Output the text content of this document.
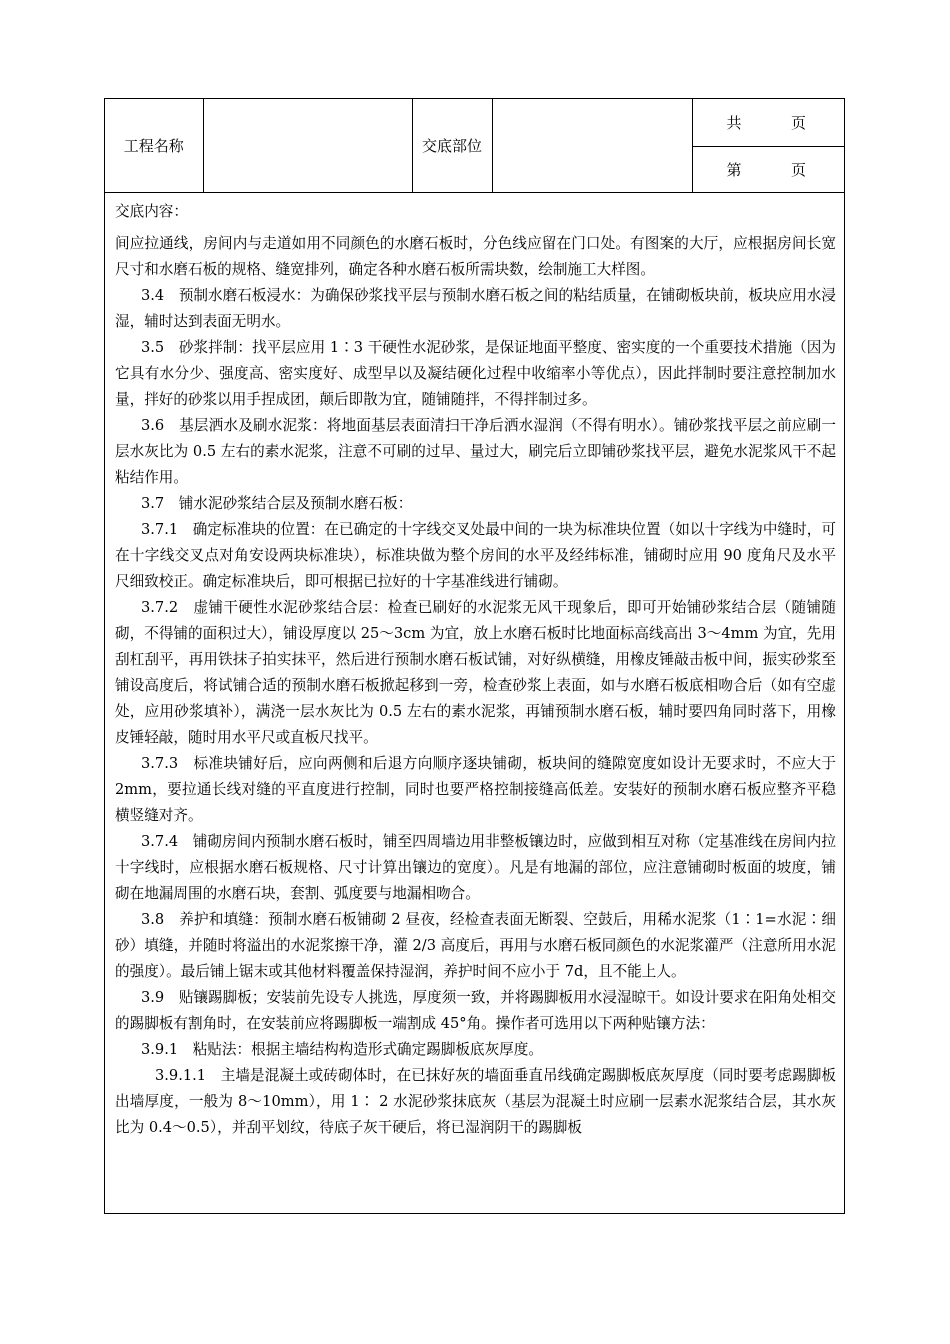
工程名称		交底部位		
共	页

第	页

交底内容：

间应拉通线，房间内与走道如用不同颜色的水磨石板时，分色线应留在门口处。有图案的大厅，应根据房间长宽尺寸和水磨石板的规格、缝宽排列，确定各种水磨石板所需块数，绘制施工大样图。

3.4　预制水磨石板浸水：为确保砂浆找平层与预制水磨石板之间的粘结质量，在铺砌板块前，板块应用水浸湿，辅时达到表面无明水。

3.5　砂浆拌制：找平层应用 1∶3 干硬性水泥砂浆，是保证地面平整度、密实度的一个重要技术措施（因为它具有水分少、强度高、密实度好、成型早以及凝结硬化过程中收缩率小等优点），因此拌制时要注意控制加水量，拌好的砂浆以用手捏成团，颠后即散为宜，随铺随拌，不得拌制过多。

3.6　基层洒水及刷水泥浆：将地面基层表面清扫干净后洒水湿润（不得有明水）。铺砂浆找平层之前应刷一层水灰比为 0.5 左右的素水泥浆，注意不可刷的过早、量过大，刷完后立即铺砂浆找平层，避免水泥浆风干不起粘结作用。

3.7　铺水泥砂浆结合层及预制水磨石板：

3.7.1　确定标准块的位置：在已确定的十字线交叉处最中间的一块为标准块位置（如以十字线为中缝时，可在十字线交叉点对角安设两块标准块），标准块做为整个房间的水平及经纬标准，铺砌时应用 90 度角尺及水平尺细致校正。确定标准块后，即可根据已拉好的十字基准线进行铺砌。

3.7.2　虚铺干硬性水泥砂浆结合层：检查已刷好的水泥浆无风干现象后，即可开始铺砂浆结合层（随铺随砌，不得铺的面积过大），铺设厚度以 25～3cm 为宜，放上水磨石板时比地面标高线高出 3～4mm 为宜，先用刮杠刮平，再用铁抹子拍实抹平，然后进行预制水磨石板试铺，对好纵横缝，用橡皮锤敲击板中间，振实砂浆至铺设高度后，将试铺合适的预制水磨石板掀起移到一旁，检查砂浆上表面，如与水磨石板底相吻合后（如有空虚处，应用砂浆填补），满浇一层水灰比为 0.5 左右的素水泥浆，再铺预制水磨石板，辅时要四角同时落下，用橡皮锤轻敲，随时用水平尺或直板尺找平。

3.7.3　标准块铺好后，应向两侧和后退方向顺序逐块铺砌，板块间的缝隙宽度如设计无要求时，不应大于 2mm，要拉通长线对缝的平直度进行控制，同时也要严格控制接缝高低差。安装好的预制水磨石板应整齐平稳横竖缝对齐。

3.7.4　铺砌房间内预制水磨石板时，铺至四周墙边用非整板镶边时，应做到相互对称（定基准线在房间内拉十字线时，应根据水磨石板规格、尺寸计算出镶边的宽度）。凡是有地漏的部位，应注意铺砌时板面的坡度，铺砌在地漏周围的水磨石块，套割、弧度要与地漏相吻合。

3.8　养护和填缝：预制水磨石板铺砌 2 昼夜，经检查表面无断裂、空鼓后，用稀水泥浆（1∶1=水泥∶细砂）填缝，并随时将溢出的水泥浆擦干净，灌 2/3 高度后，再用与水磨石板同颜色的水泥浆灌严（注意所用水泥的强度）。最后铺上锯末或其他材料覆盖保持湿润，养护时间不应小于 7d，且不能上人。

3.9　贴镶踢脚板；安装前先设专人挑选，厚度须一致，并将踢脚板用水浸湿晾干。如设计要求在阳角处相交的踢脚板有割角时，在安装前应将踢脚板一端割成 45°角。操作者可选用以下两种贴镶方法：

3.9.1　粘贴法：根据主墙结构构造形式确定踢脚板底灰厚度。

3.9.1.1　主墙是混凝土或砖砌体时，在已抹好灰的墙面垂直吊线确定踢脚板底灰厚度（同时要考虑踢脚板出墙厚度，一般为 8～10mm），用 1∶ 2 水泥砂浆抹底灰（基层为混凝土时应刷一层素水泥浆结合层，其水灰比为 0.4～0.5），并刮平划纹，待底子灰干硬后，将已湿润阴干的踢脚板
